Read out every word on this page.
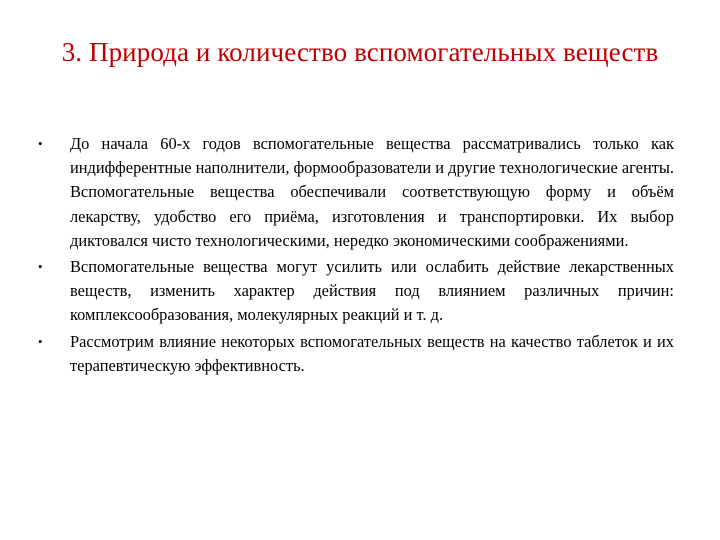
3. Природа и количество вспомогательных веществ
•	До начала 60-х годов вспомогательные вещества рассматривались только как индифферентные наполнители, формообразователи и другие технологические агенты. Вспомогательные вещества обеспечивали соответствующую форму и объём лекарству, удобство его приёма, изготовления и транспортировки. Их выбор диктовался чисто технологическими, нередко экономическими соображениями.
•	Вспомогательные вещества могут усилить или ослабить действие лекарственных веществ, изменить характер действия под влиянием различных причин: комплексообразования, молекулярных реакций и т. д.
•	Рассмотрим влияние некоторых вспомогательных веществ на качество таблеток и их терапевтическую эффективность.
